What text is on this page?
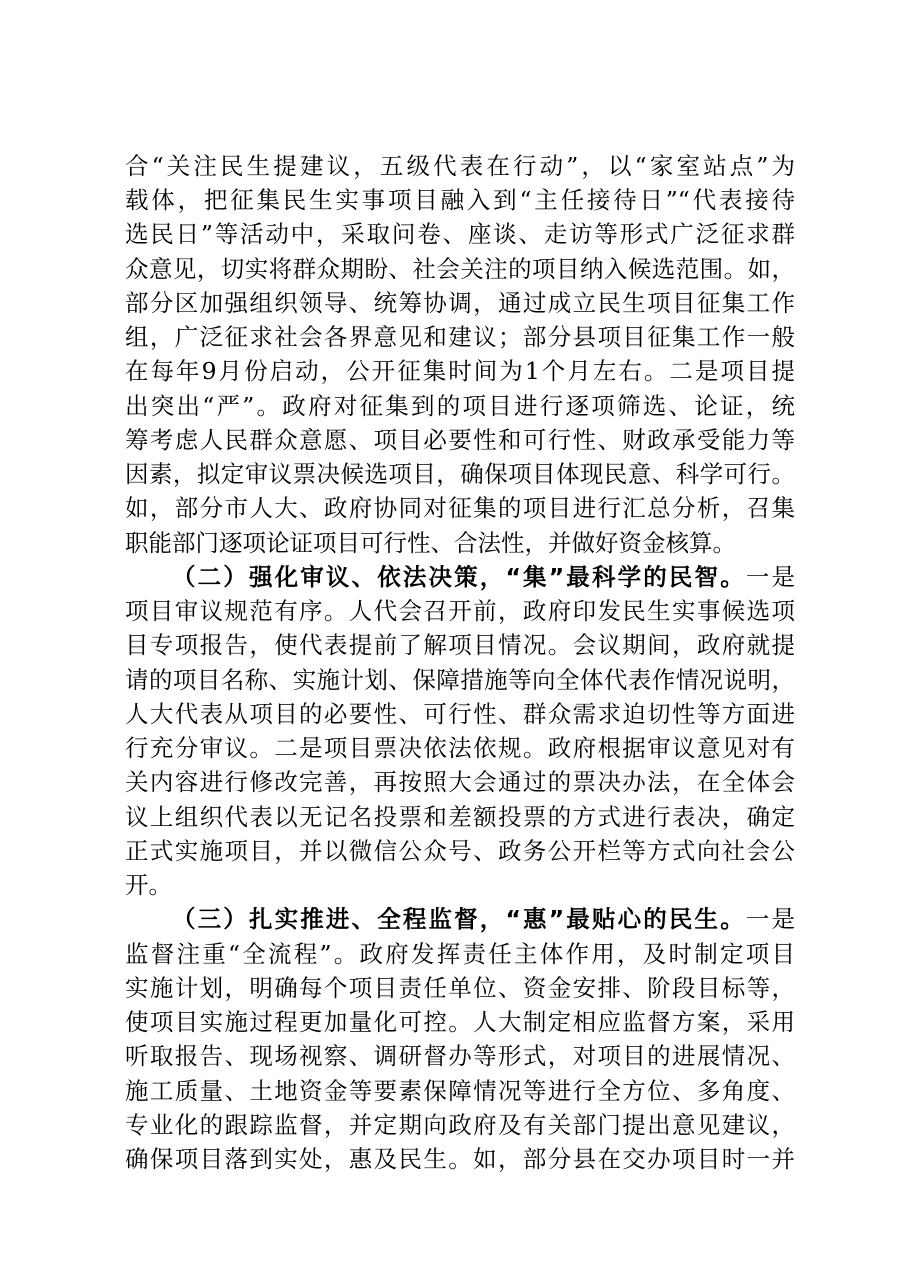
合“关注民生提建议，五级代表在行动”，以“家室站点”为
载体，把征集民生实事项目融入到“主任接待日”“代表接待
选民日”等活动中，采取问卷、座谈、走访等形式广泛征求群
众意见，切实将群众期盼、社会关注的项目纳入候选范围。如，
部分区加强组织领导、统筹协调，通过成立民生项目征集工作
组，广泛征求社会各界意见和建议；部分县项目征集工作一般
在每年9月份启动，公开征集时间为1个月左右。二是项目提
出突出“严”。政府对征集到的项目进行逐项筛选、论证，统
筹考虑人民群众意愿、项目必要性和可行性、财政承受能力等
因素，拟定审议票决候选项目，确保项目体现民意、科学可行。
如，部分市人大、政府协同对征集的项目进行汇总分析，召集
职能部门逐项论证项目可行性、合法性，并做好资金核算。
（二）强化审议、依法决策，“集”最科学的民智。一是
项目审议规范有序。人代会召开前，政府印发民生实事候选项
目专项报告，使代表提前了解项目情况。会议期间，政府就提
请的项目名称、实施计划、保障措施等向全体代表作情况说明，
人大代表从项目的必要性、可行性、群众需求迫切性等方面进
行充分审议。二是项目票决依法依规。政府根据审议意见对有
关内容进行修改完善，再按照大会通过的票决办法，在全体会
议上组织代表以无记名投票和差额投票的方式进行表决，确定
正式实施项目，并以微信公众号、政务公开栏等方式向社会公
开。
（三）扎实推进、全程监督，“惠”最贴心的民生。一是
监督注重“全流程”。政府发挥责任主体作用，及时制定项目
实施计划，明确每个项目责任单位、资金安排、阶段目标等，
使项目实施过程更加量化可控。人大制定相应监督方案，采用
听取报告、现场视察、调研督办等形式，对项目的进展情况、
施工质量、土地资金等要素保障情况等进行全方位、多角度、
专业化的跟踪监督，并定期向政府及有关部门提出意见建议，
确保项目落到实处，惠及民生。如，部分县在交办项目时一并
